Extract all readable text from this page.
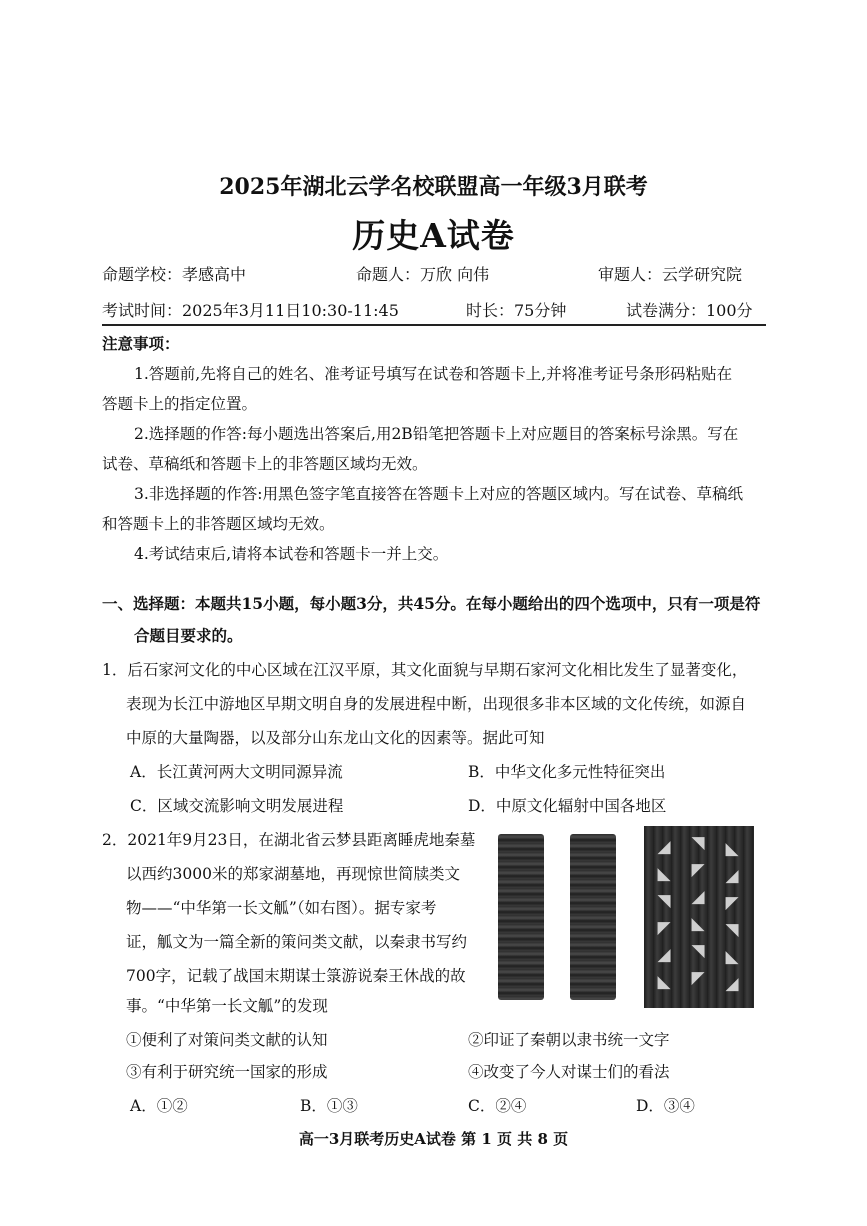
2025年湖北云学名校联盟高一年级3月联考
历史A试卷
命题学校：孝感高中	命题人：万欣 向伟	审题人：云学研究院
考试时间：2025年3月11日10:30-11:45	时长：75分钟	试卷满分：100分
注意事项：
1.答题前,先将自己的姓名、准考证号填写在试卷和答题卡上,并将准考证号条形码粘贴在
答题卡上的指定位置。
2.选择题的作答:每小题选出答案后,用2B铅笔把答题卡上对应题目的答案标号涂黑。写在
试卷、草稿纸和答题卡上的非答题区域均无效。
3.非选择题的作答:用黑色签字笔直接答在答题卡上对应的答题区域内。写在试卷、草稿纸
和答题卡上的非答题区域均无效。
4.考试结束后,请将本试卷和答题卡一并上交。
一、选择题：本题共15小题，每小题3分，共45分。在每小题给出的四个选项中，只有一项是符
合题目要求的。
1．后石家河文化的中心区域在江汉平原，其文化面貌与早期石家河文化相比发生了显著变化，
表现为长江中游地区早期文明自身的发展进程中断，出现很多非本区域的文化传统，如源自
中原的大量陶器，以及部分山东龙山文化的因素等。据此可知
A．长江黄河两大文明同源异流	B．中华文化多元性特征突出
C．区域交流影响文明发展进程	D．中原文化辐射中国各地区
2．2021年9月23日，在湖北省云梦县距离睡虎地秦墓
以西约3000米的郑家湖墓地，再现惊世简牍类文
物——“中华第一长文觚”（如右图）。据专家考
证，觚文为一篇全新的策问类文献，以秦隶书写约
700字，记载了战国末期谋士箓游说秦王休战的故
事。“中华第一长文觚”的发现
◢ ◣ ◥ ◤ ◢ ◣
◥ ◤ ◢ ◣ ◥ ◤
◣ ◢ ◤ ◥ ◣ ◢
①便利了对策问类文献的认知	②印证了秦朝以隶书统一文字
③有利于研究统一国家的形成	④改变了今人对谋士们的看法
A．①②	B．①③	C．②④	D．③④
高一3月联考历史A试卷 第 1 页 共 8 页
